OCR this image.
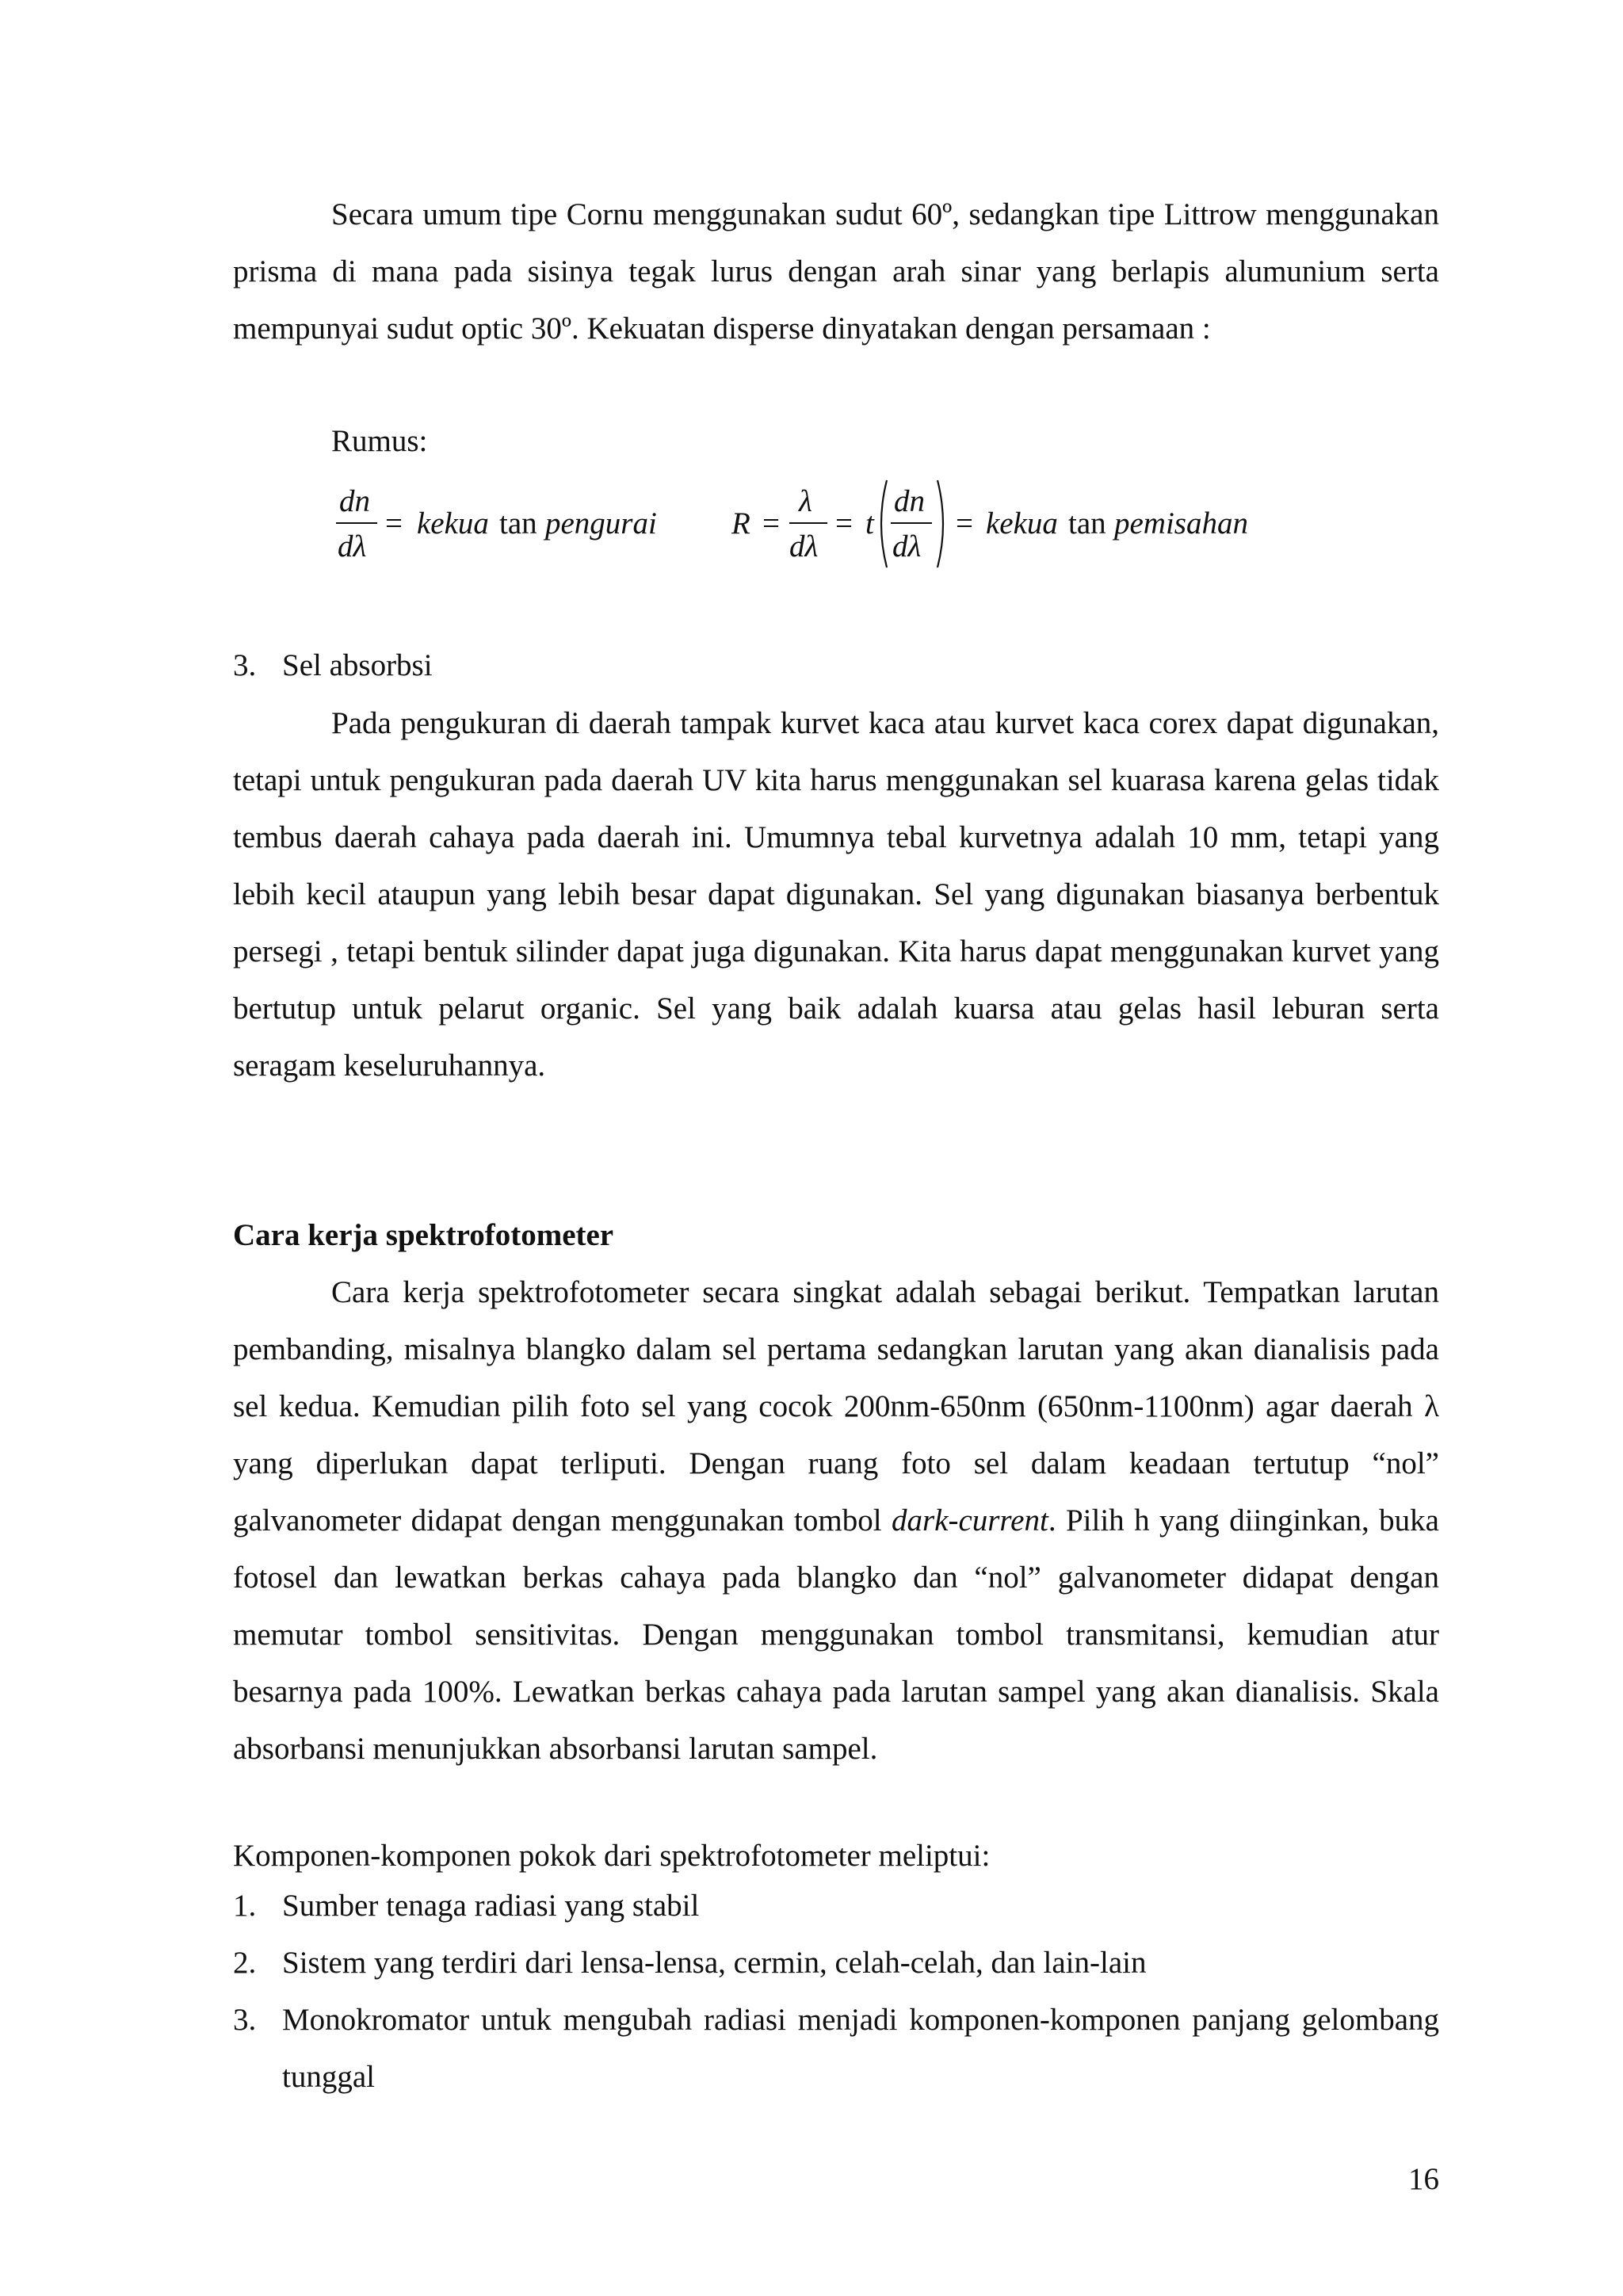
Secara umum tipe Cornu menggunakan sudut 60º, sedangkan tipe Littrow menggunakan prisma di mana pada sisinya tegak lurus dengan arah sinar yang berlapis alumunium serta mempunyai sudut optic 30º. Kekuatan disperse dinyatakan dengan persamaan :
Rumus:
dn
dλ
= kekua tan pengurai R =
λ
dλ
= t
dn
dλ
= kekua tan pemisahan
3. Sel absorbsi
Pada pengukuran di daerah tampak kurvet kaca atau kurvet kaca corex dapat digunakan, tetapi untuk pengukuran pada daerah UV kita harus menggunakan sel kuarasa karena gelas tidak tembus daerah cahaya pada daerah ini. Umumnya tebal kurvetnya adalah 10 mm, tetapi yang lebih kecil ataupun yang lebih besar dapat digunakan. Sel yang digunakan biasanya berbentuk persegi , tetapi bentuk silinder dapat juga digunakan. Kita harus dapat menggunakan kurvet yang bertutup untuk pelarut organic. Sel yang baik adalah kuarsa atau gelas hasil leburan serta seragam keseluruhannya.
Cara kerja spektrofotometer
Cara kerja spektrofotometer secara singkat adalah sebagai berikut. Tempatkan larutan pembanding, misalnya blangko dalam sel pertama sedangkan larutan yang akan dianalisis pada sel kedua. Kemudian pilih foto sel yang cocok 200nm-650nm (650nm-1100nm) agar daerah λ yang diperlukan dapat terliputi. Dengan ruang foto sel dalam keadaan tertutup “nol” galvanometer didapat dengan menggunakan tombol dark-current. Pilih h yang diinginkan, buka fotosel dan lewatkan berkas cahaya pada blangko dan “nol” galvanometer didapat dengan memutar tombol sensitivitas. Dengan menggunakan tombol transmitansi, kemudian atur besarnya pada 100%. Lewatkan berkas cahaya pada larutan sampel yang akan dianalisis. Skala absorbansi menunjukkan absorbansi larutan sampel.
Komponen-komponen pokok dari spektrofotometer meliptui:
1. Sumber tenaga radiasi yang stabil
2. Sistem yang terdiri dari lensa-lensa, cermin, celah-celah, dan lain-lain
3. Monokromator untuk mengubah radiasi menjadi komponen-komponen panjang gelombang tunggal
16
